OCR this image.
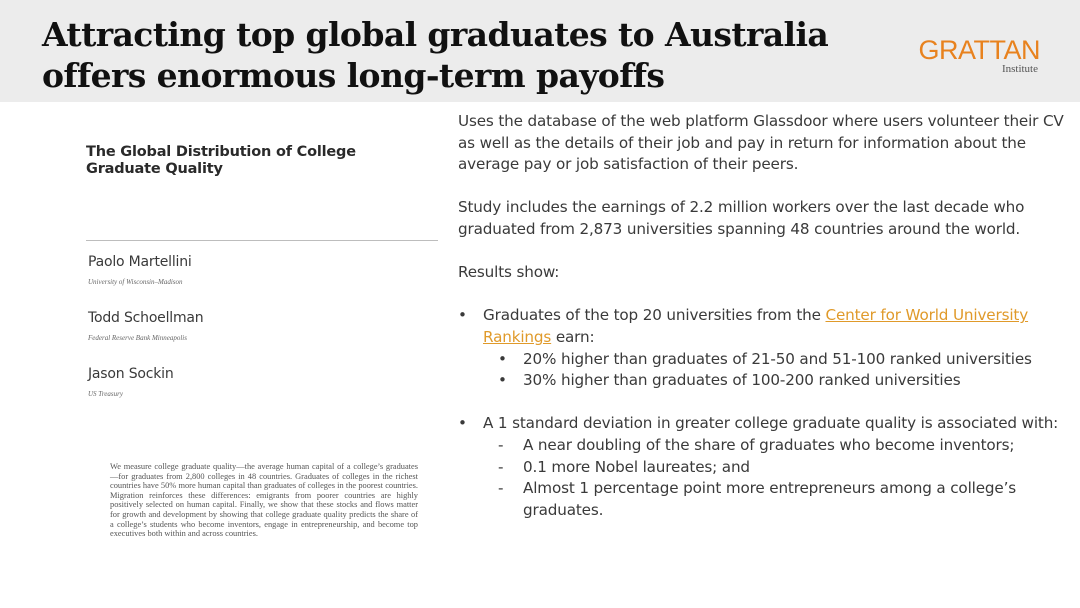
Attracting top global graduates to Australia offers enormous long-term payoffs
GRATTAN
Institute
The Global Distribution of College Graduate Quality
Paolo Martellini
University of Wisconsin–Madison
Todd Schoellman
Federal Reserve Bank Minneapolis
Jason Sockin
US Treasury
We measure college graduate quality—the average human capital of a college’s graduates—for graduates from 2,800 colleges in 48 countries. Graduates of colleges in the richest countries have 50% more human capital than graduates of colleges in the poorest countries. Migration reinforces these differences: emigrants from poorer countries are highly positively selected on human capital. Finally, we show that these stocks and flows matter for growth and development by showing that college graduate quality predicts the share of a college’s students who become inventors, engage in entrepreneurship, and become top executives both within and across countries.
Uses the database of the web platform Glassdoor where users volunteer their CV as well as the details of their job and pay in return for information about the average pay or job satisfaction of their peers.
Study includes the earnings of 2.2 million workers over the last decade who graduated from 2,873 universities spanning 48 countries around the world.
Results show:
• Graduates of the top 20 universities from the Center for World University Rankings earn:
• 20% higher than graduates of 21-50 and 51-100 ranked universities
• 30% higher than graduates of 100-200 ranked universities
• A 1 standard deviation in greater college graduate quality is associated with:
- A near doubling of the share of graduates who become inventors;
- 0.1 more Nobel laureates; and
- Almost 1 percentage point more entrepreneurs among a college’s graduates.
